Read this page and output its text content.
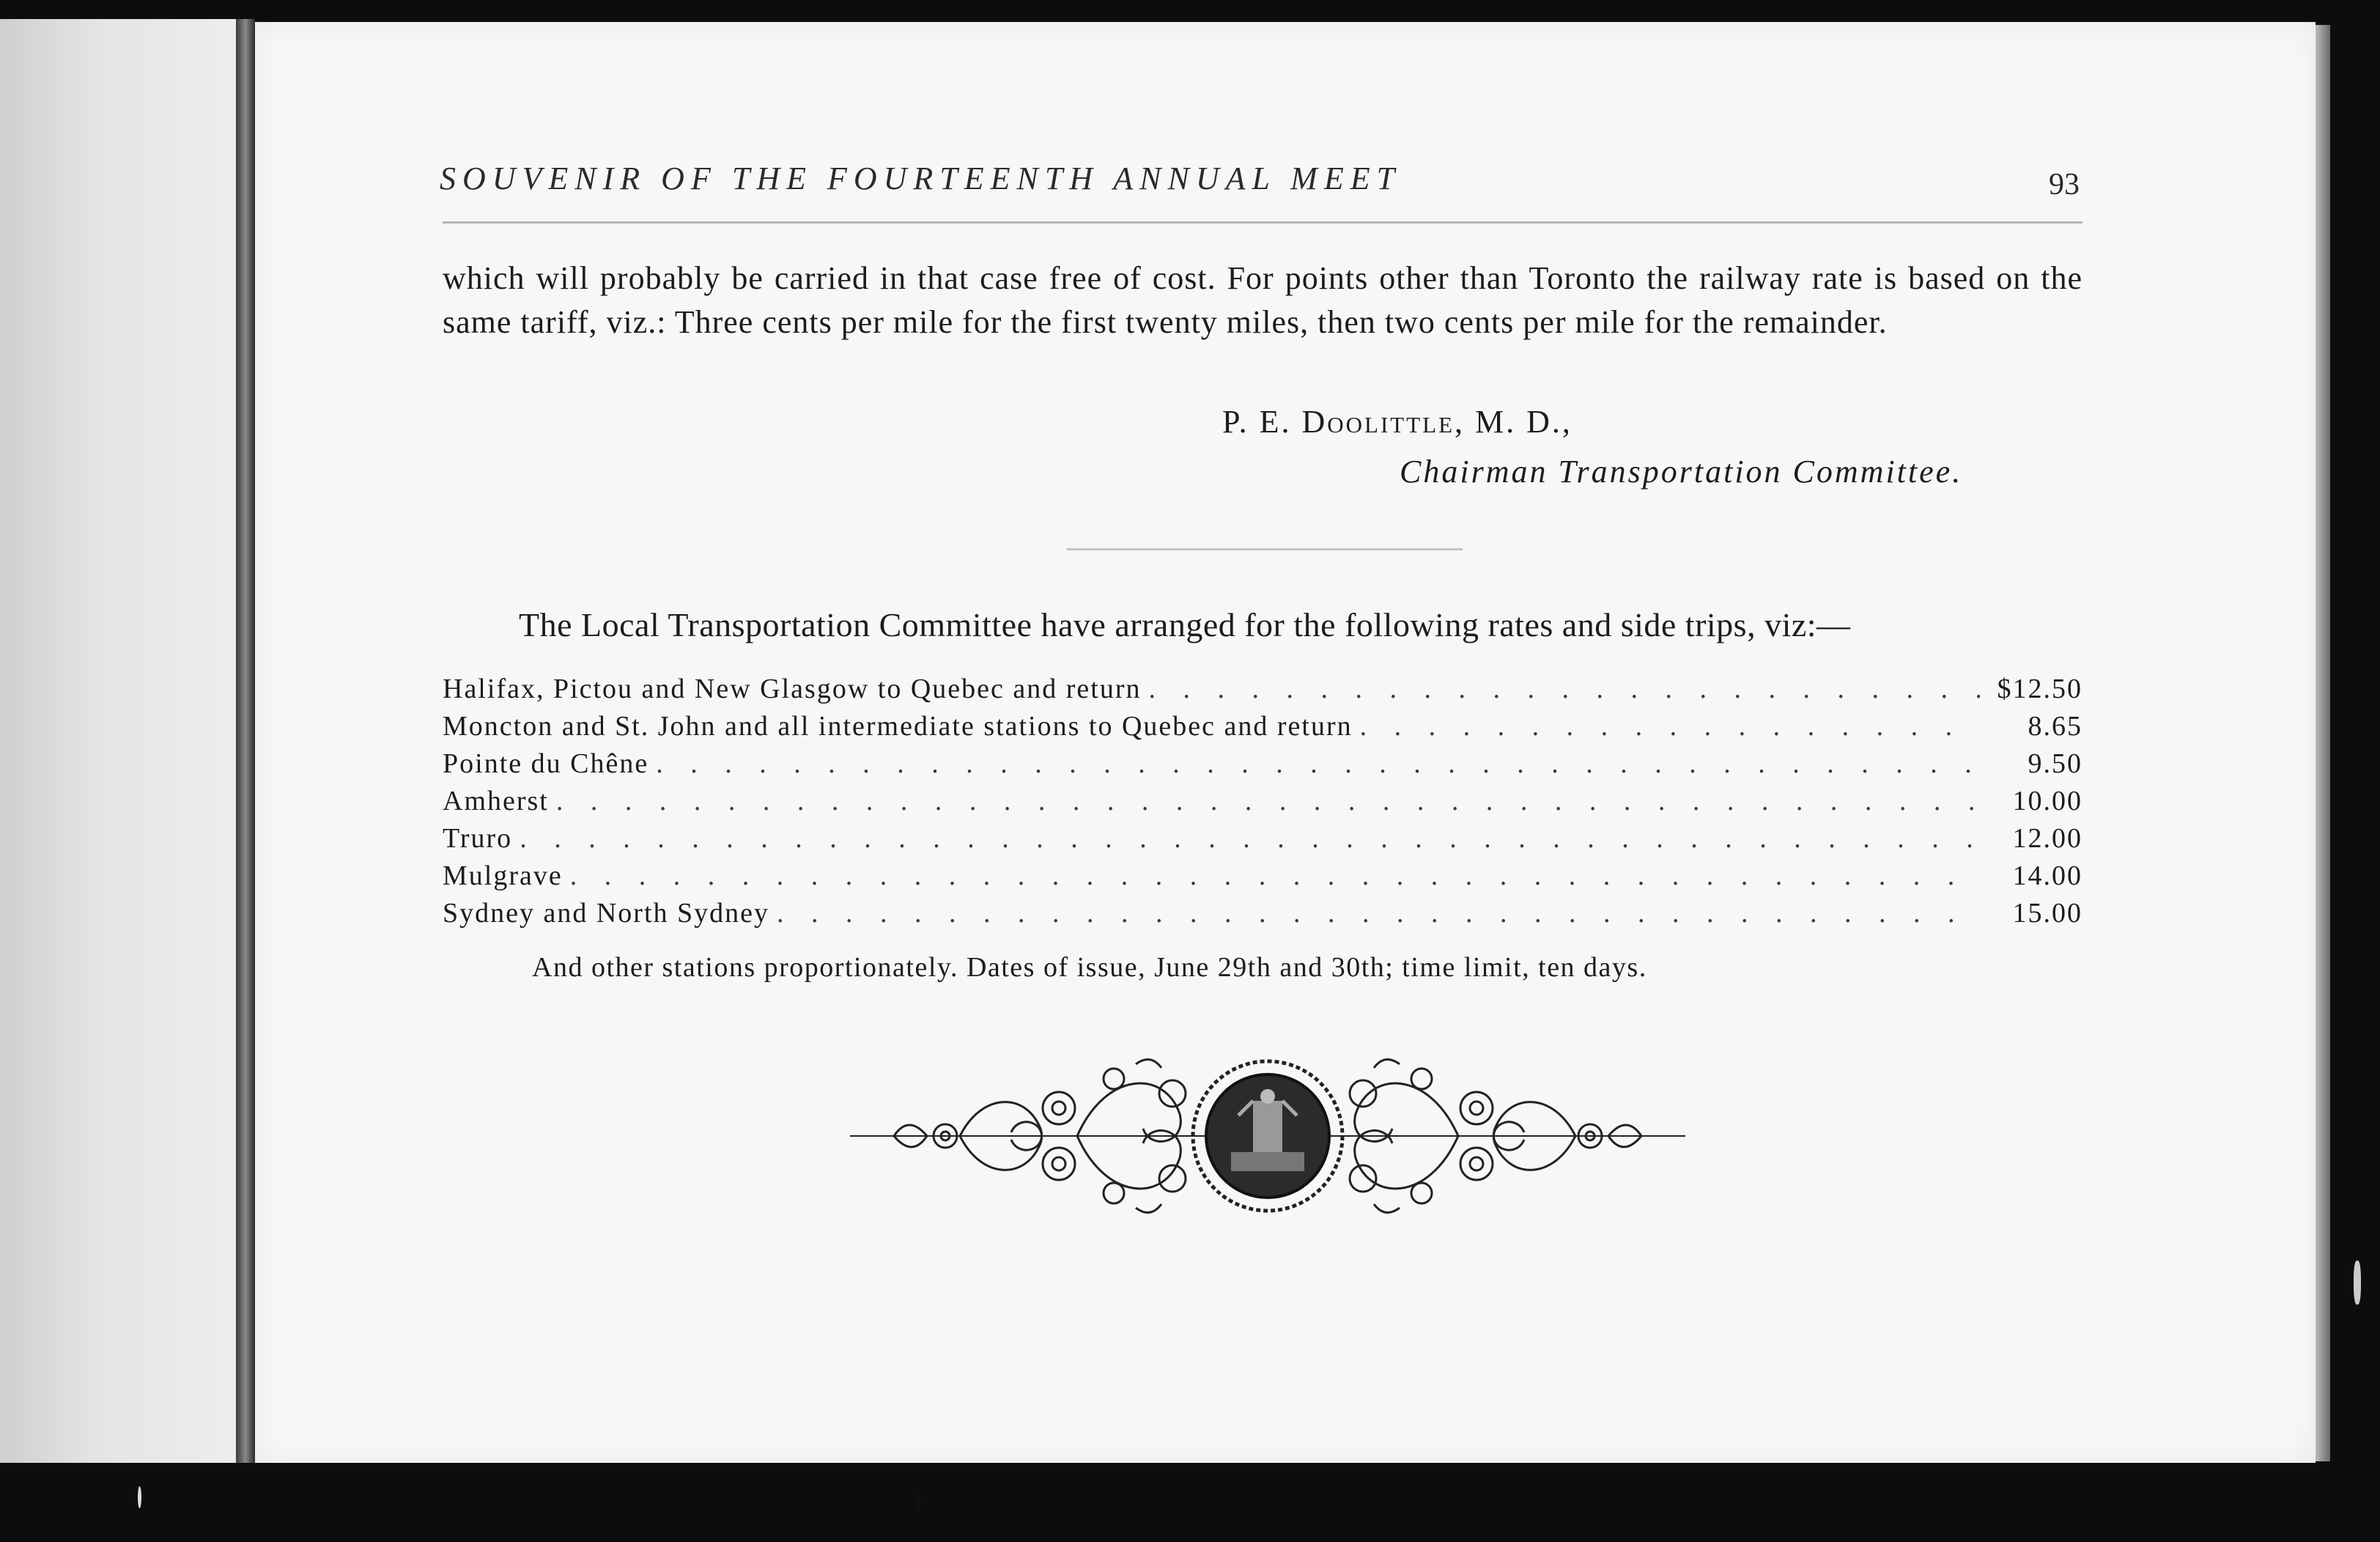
SOUVENIR OF THE FOURTEENTH ANNUAL MEET	93
which will probably be carried in that case free of cost. For points other than Toronto the railway rate is based on the same tariff, viz.: Three cents per mile for the first twenty miles, then two cents per mile for the remainder.
P. E. Doolittle, M. D.,
Chairman Transportation Committee.
The Local Transportation Committee have arranged for the following rates and side trips, viz:—
Halifax, Pictou and New Glasgow to Quebec and return . . .	$12.50
Moncton and St. John and all intermediate stations to Quebec and return . . .	8.65
Pointe du Chêne . . .	9.50
Amherst . . .	10.00
Truro . . .	12.00
Mulgrave . . .	14.00
Sydney and North Sydney . . .	15.00
And other stations proportionately. Dates of issue, June 29th and 30th; time limit, ten days.
